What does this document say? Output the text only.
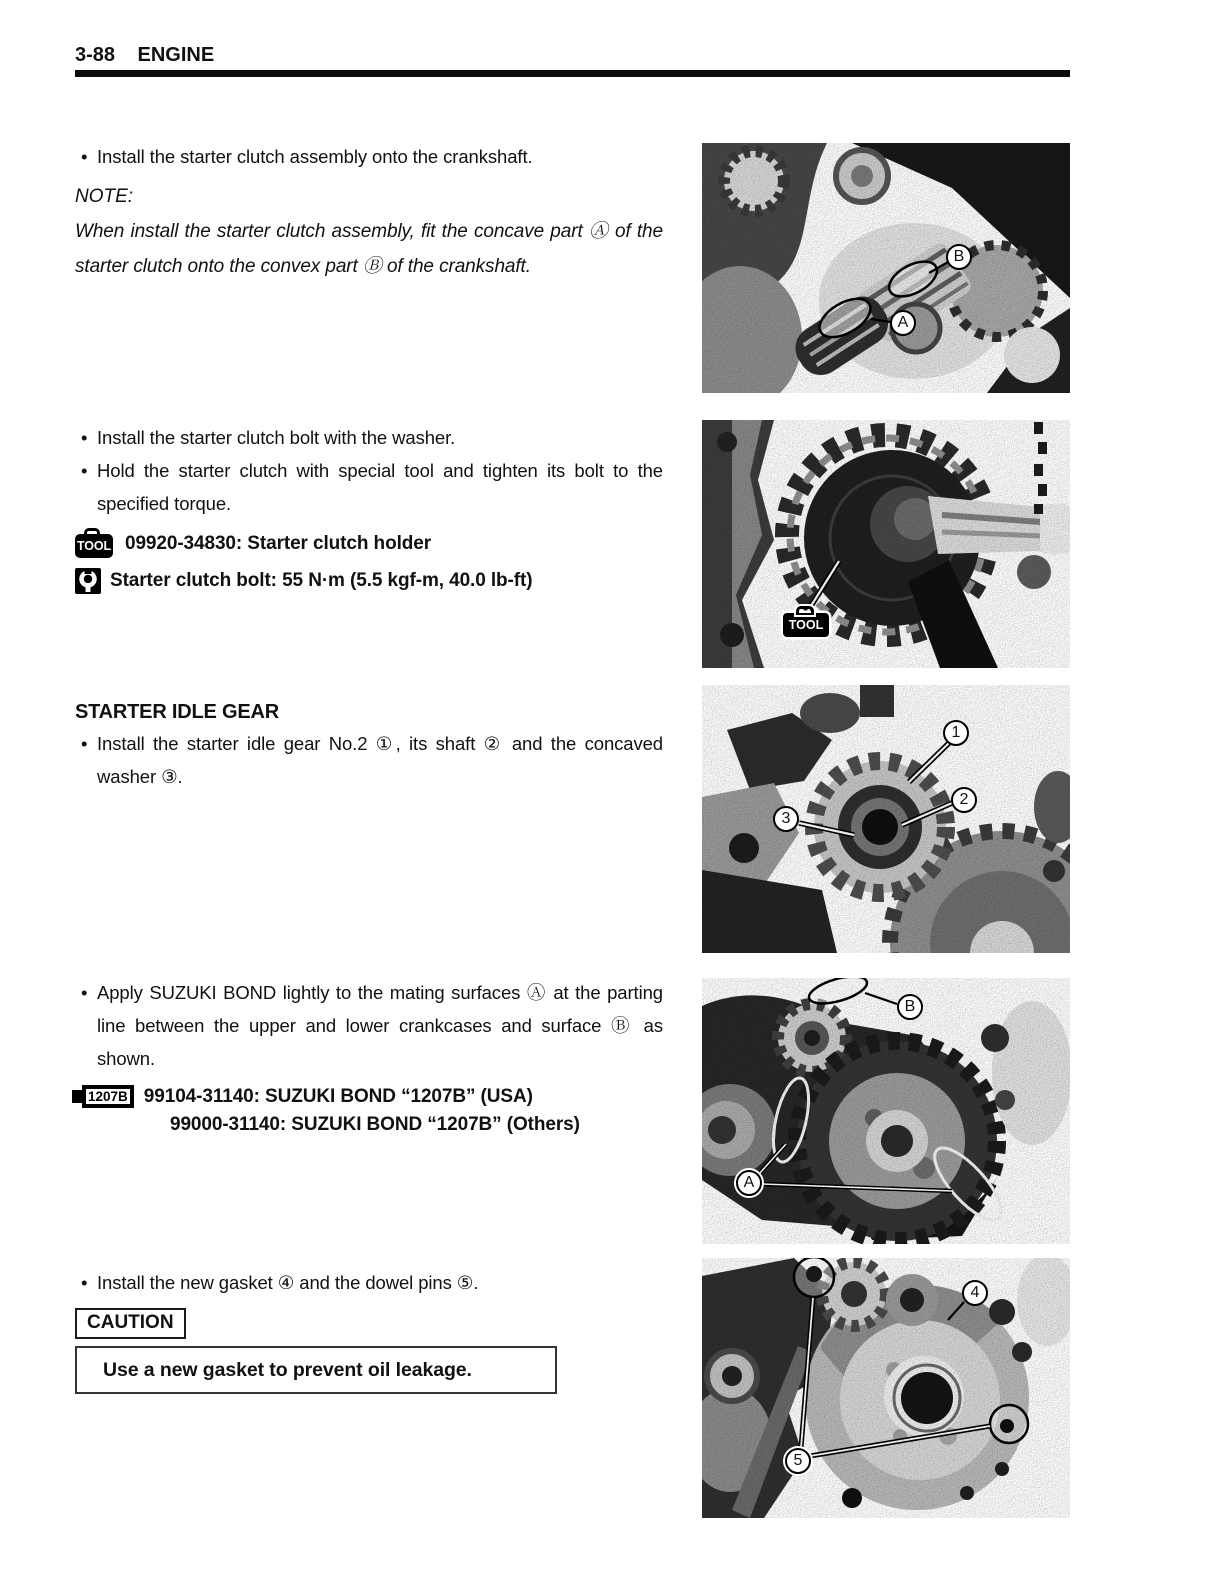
3-88 ENGINE
• Install the starter clutch assembly onto the crankshaft.
NOTE:
When install the starter clutch assembly, fit the concave part Ⓐ of the starter clutch onto the convex part Ⓑ of the crankshaft.
• Install the starter clutch bolt with the washer.
• Hold the starter clutch with special tool and tighten its bolt to the specified torque.
TOOL 09920-34830: Starter clutch holder
Starter clutch bolt: 55 N·m (5.5 kgf-m, 40.0 lb-ft)
STARTER IDLE GEAR
• Install the starter idle gear No.2 ①, its shaft ② and the concaved washer ③.
• Apply SUZUKI BOND lightly to the mating surfaces Ⓐ at the parting line between the upper and lower crankcases and surface Ⓑ as shown.
1207B 99104-31140: SUZUKI BOND “1207B” (USA)
99000-31140: SUZUKI BOND “1207B” (Others)
• Install the new gasket ④ and the dowel pins ⑤.
CAUTION
Use a new gasket to prevent oil leakage.
B
A
TOOL
1
2
3
B
A
4
5
